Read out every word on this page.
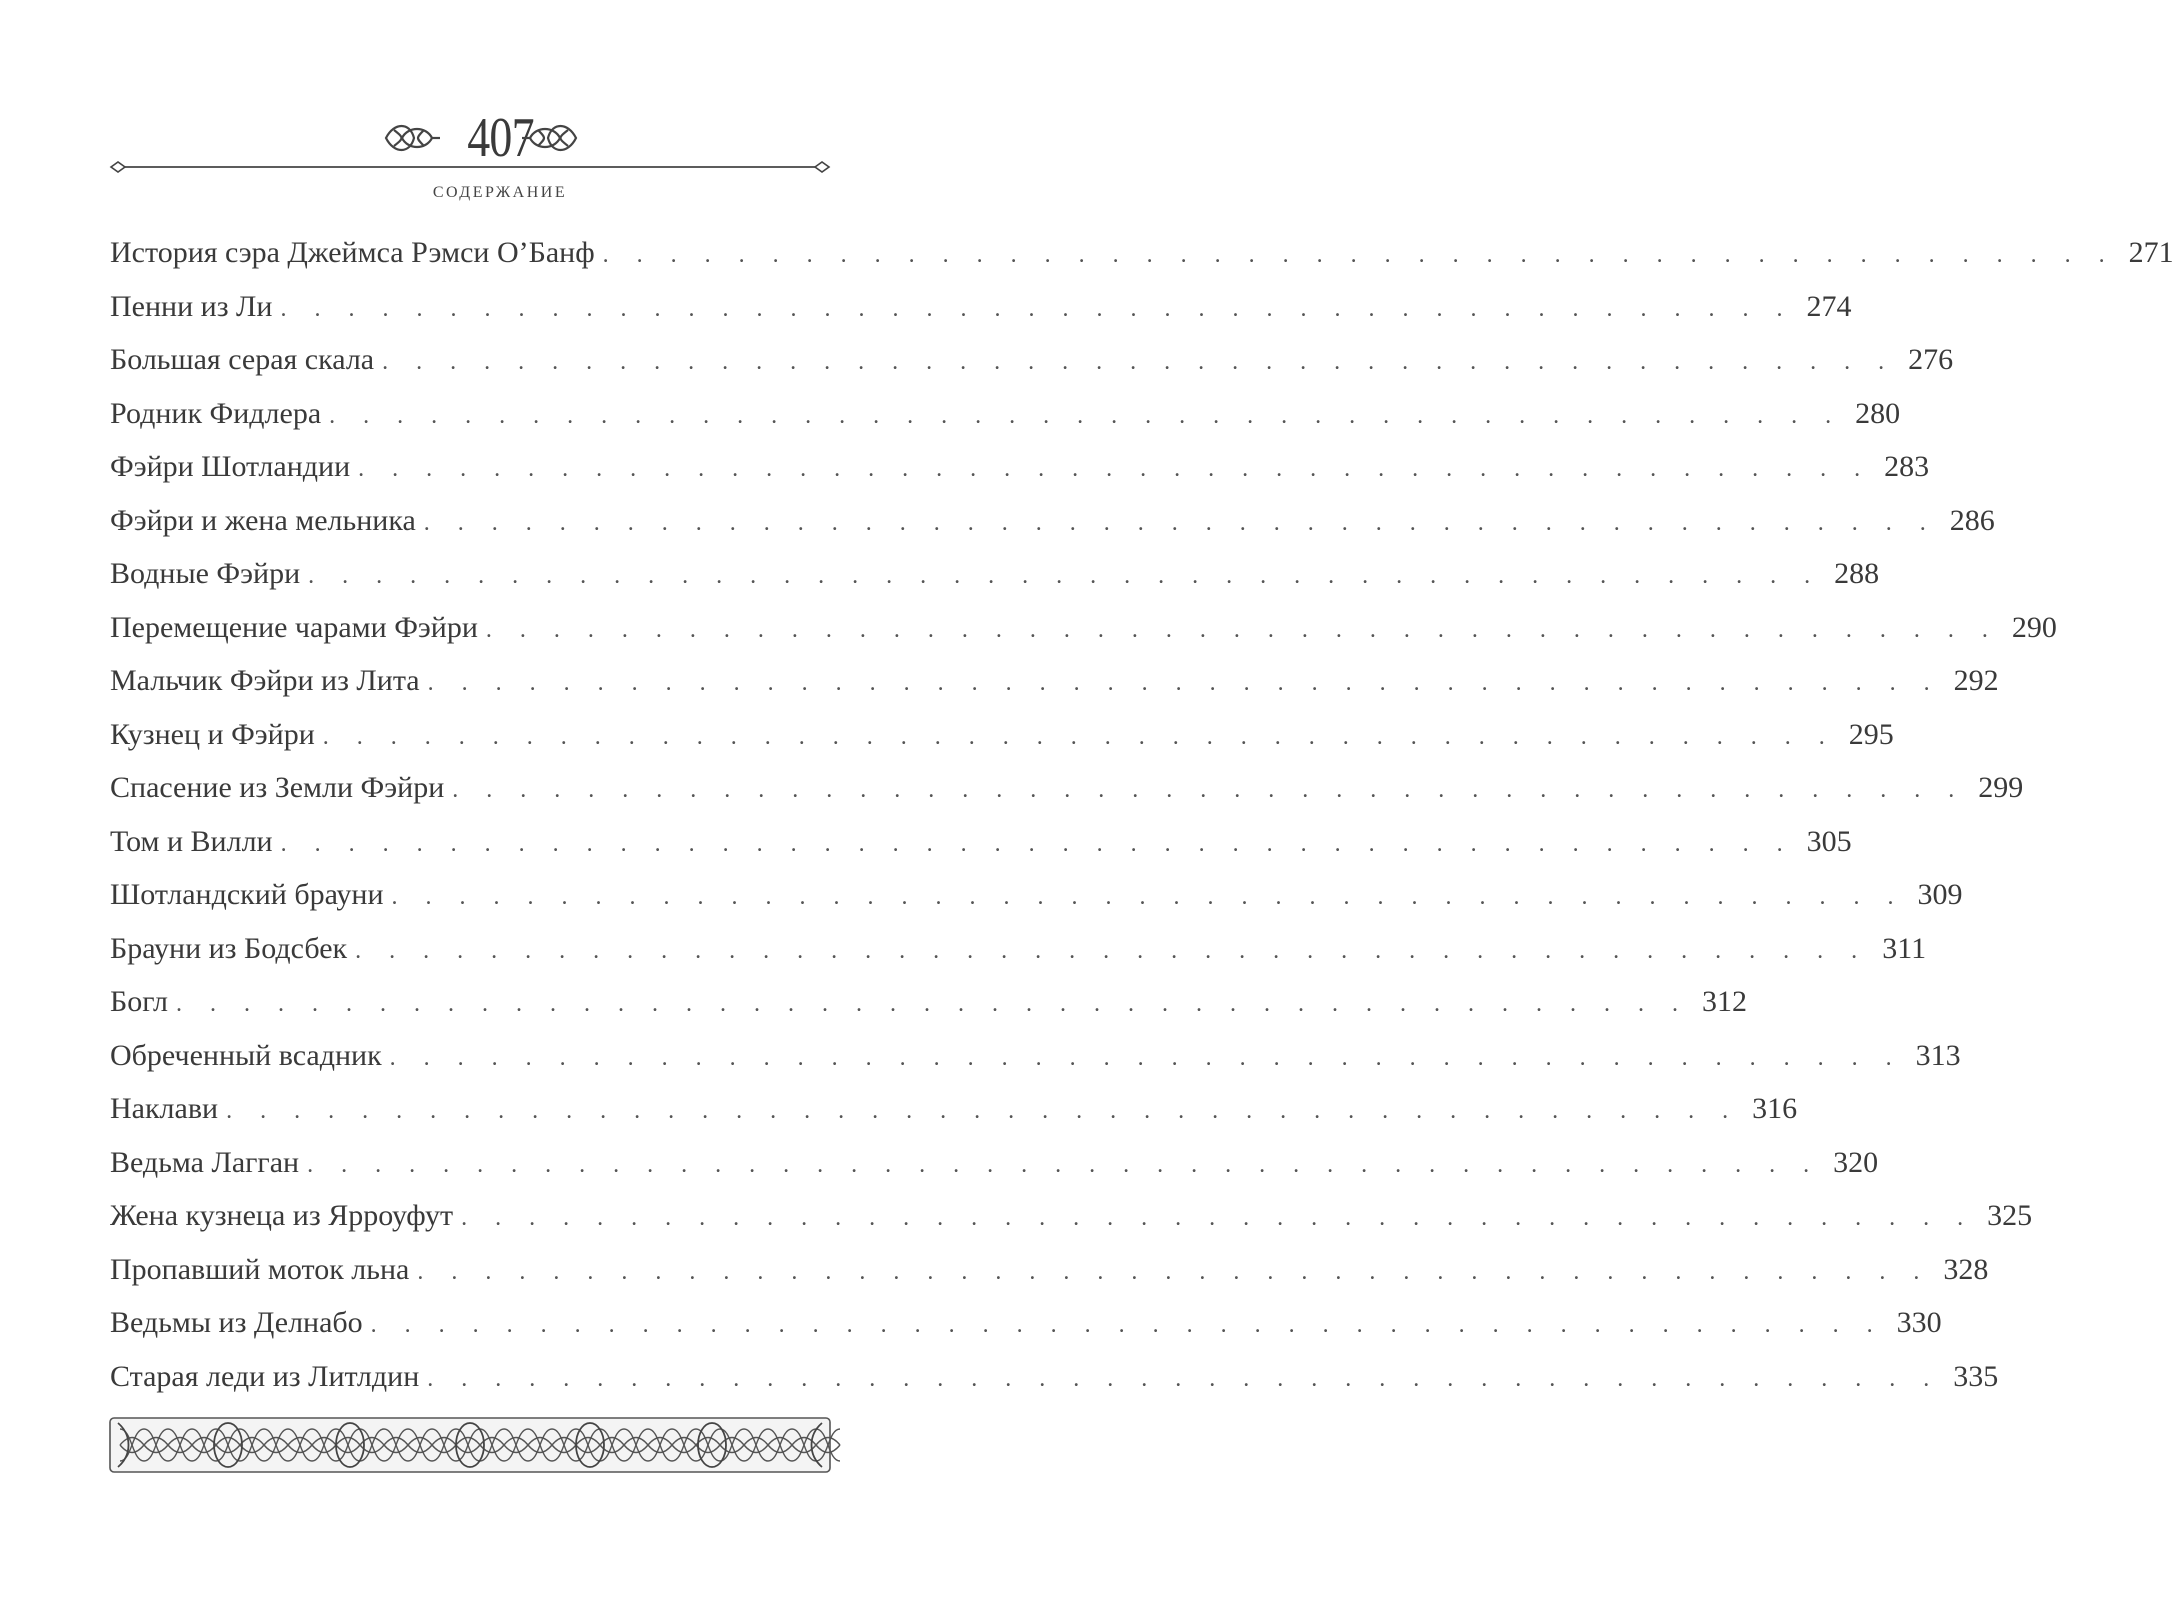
407
СОДЕРЖАНИЕ
История сэра Джеймса Рэмси О’Банф . . . . . . . . . . . . . . . . . . . . . . . . . . . . . . . . . . . . . . . . . . . . . 271
Пенни из Ли . . . . . . . . . . . . . . . . . . . . . . . . . . . . . . . . . . . . . . . . . . . . . 274
Большая серая скала . . . . . . . . . . . . . . . . . . . . . . . . . . . . . . . . . . . . . . . . . . . . . 276
Родник Фидлера . . . . . . . . . . . . . . . . . . . . . . . . . . . . . . . . . . . . . . . . . . . . . 280
Фэйри Шотландии . . . . . . . . . . . . . . . . . . . . . . . . . . . . . . . . . . . . . . . . . . . . . 283
Фэйри и жена мельника . . . . . . . . . . . . . . . . . . . . . . . . . . . . . . . . . . . . . . . . . . . . . 286
Водные Фэйри . . . . . . . . . . . . . . . . . . . . . . . . . . . . . . . . . . . . . . . . . . . . . 288
Перемещение чарами Фэйри . . . . . . . . . . . . . . . . . . . . . . . . . . . . . . . . . . . . . . . . . . . . . 290
Мальчик Фэйри из Лита . . . . . . . . . . . . . . . . . . . . . . . . . . . . . . . . . . . . . . . . . . . . . 292
Кузнец и Фэйри . . . . . . . . . . . . . . . . . . . . . . . . . . . . . . . . . . . . . . . . . . . . . 295
Спасение из Земли Фэйри . . . . . . . . . . . . . . . . . . . . . . . . . . . . . . . . . . . . . . . . . . . . . 299
Том и Вилли . . . . . . . . . . . . . . . . . . . . . . . . . . . . . . . . . . . . . . . . . . . . . 305
Шотландский брауни . . . . . . . . . . . . . . . . . . . . . . . . . . . . . . . . . . . . . . . . . . . . . 309
Брауни из Бодсбек . . . . . . . . . . . . . . . . . . . . . . . . . . . . . . . . . . . . . . . . . . . . . 311
Богл . . . . . . . . . . . . . . . . . . . . . . . . . . . . . . . . . . . . . . . . . . . . . 312
Обреченный всадник . . . . . . . . . . . . . . . . . . . . . . . . . . . . . . . . . . . . . . . . . . . . . 313
Наклави . . . . . . . . . . . . . . . . . . . . . . . . . . . . . . . . . . . . . . . . . . . . . 316
Ведьма Лагган . . . . . . . . . . . . . . . . . . . . . . . . . . . . . . . . . . . . . . . . . . . . . 320
Жена кузнеца из Ярроуфут . . . . . . . . . . . . . . . . . . . . . . . . . . . . . . . . . . . . . . . . . . . . . 325
Пропавший моток льна . . . . . . . . . . . . . . . . . . . . . . . . . . . . . . . . . . . . . . . . . . . . . 328
Ведьмы из Делнабо . . . . . . . . . . . . . . . . . . . . . . . . . . . . . . . . . . . . . . . . . . . . . 330
Старая леди из Литлдин . . . . . . . . . . . . . . . . . . . . . . . . . . . . . . . . . . . . . . . . . . . . . 335
